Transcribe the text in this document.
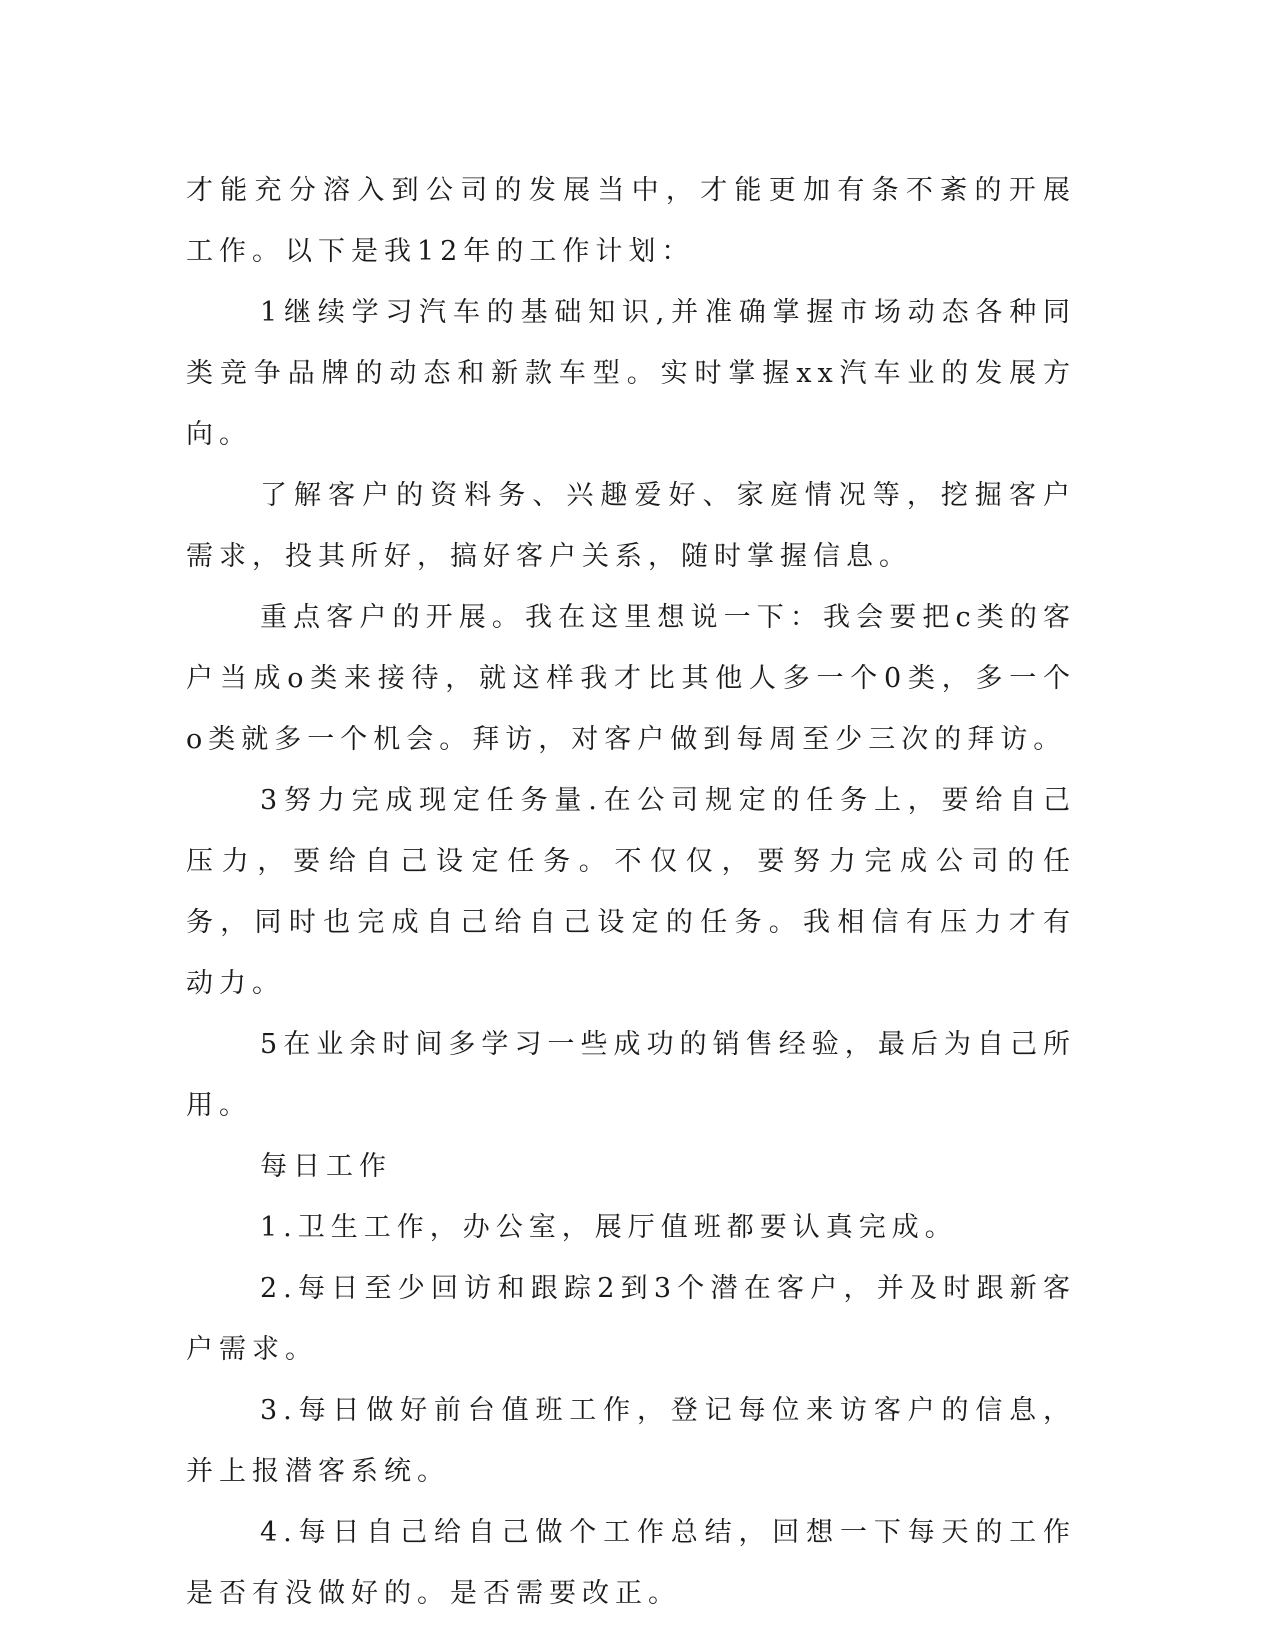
才能充分溶入到公司的发展当中，才能更加有条不紊的开展工作。以下是我12年的工作计划：

1继续学习汽车的基础知识,并准确掌握市场动态各种同类竞争品牌的动态和新款车型。实时掌握xx汽车业的发展方向。

了解客户的资料务、兴趣爱好、家庭情况等，挖掘客户需求，投其所好，搞好客户关系，随时掌握信息。

重点客户的开展。我在这里想说一下：我会要把c类的客户当成o类来接待，就这样我才比其他人多一个0类，多一个o类就多一个机会。拜访，对客户做到每周至少三次的拜访。

3努力完成现定任务量.在公司规定的任务上，要给自己压力，要给自己设定任务。不仅仅，要努力完成公司的任务，同时也完成自己给自己设定的任务。我相信有压力才有动力。

5在业余时间多学习一些成功的销售经验，最后为自己所用。

每日工作

1.卫生工作，办公室，展厅值班都要认真完成。

2.每日至少回访和跟踪2到3个潜在客户，并及时跟新客户需求。

3.每日做好前台值班工作，登记每位来访客户的信息，并上报潜客系统。

4.每日自己给自己做个工作总结，回想一下每天的工作是否有没做好的。是否需要改正。
